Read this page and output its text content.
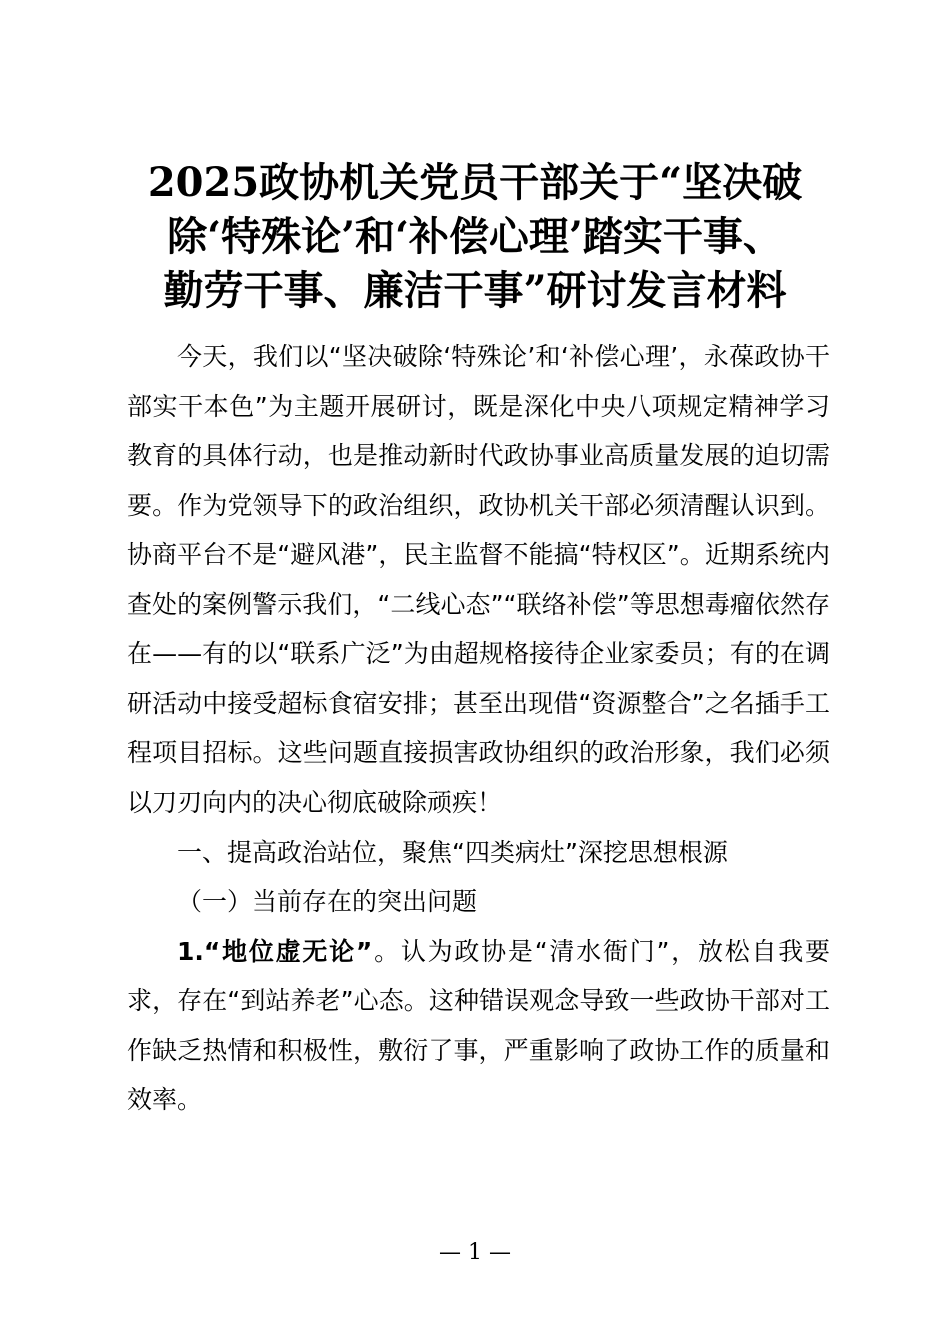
2025政协机关党员干部关于“坚决破
除‘特殊论’和‘补偿心理’踏实干事、
勤劳干事、廉洁干事”研讨发言材料

今天，我们以“坚决破除‘特殊论’和‘补偿心理’，永葆政协干部实干本色”为主题开展研讨，既是深化中央八项规定精神学习教育的具体行动，也是推动新时代政协事业高质量发展的迫切需要。作为党领导下的政治组织，政协机关干部必须清醒认识到。协商平台不是“避风港”，民主监督不能搞“特权区”。近期系统内查处的案例警示我们，“二线心态”“联络补偿”等思想毒瘤依然存在——有的以“联系广泛”为由超规格接待企业家委员；有的在调研活动中接受超标食宿安排；甚至出现借“资源整合”之名插手工程项目招标。这些问题直接损害政协组织的政治形象，我们必须以刀刃向内的决心彻底破除顽疾！

一、提高政治站位，聚焦“四类病灶”深挖思想根源

（一）当前存在的突出问题

1.“地位虚无论”。认为政协是“清水衙门”，放松自我要求，存在“到站养老”心态。这种错误观念导致一些政协干部对工作缺乏热情和积极性，敷衍了事，严重影响了政协工作的质量和效率。

— 1 —
